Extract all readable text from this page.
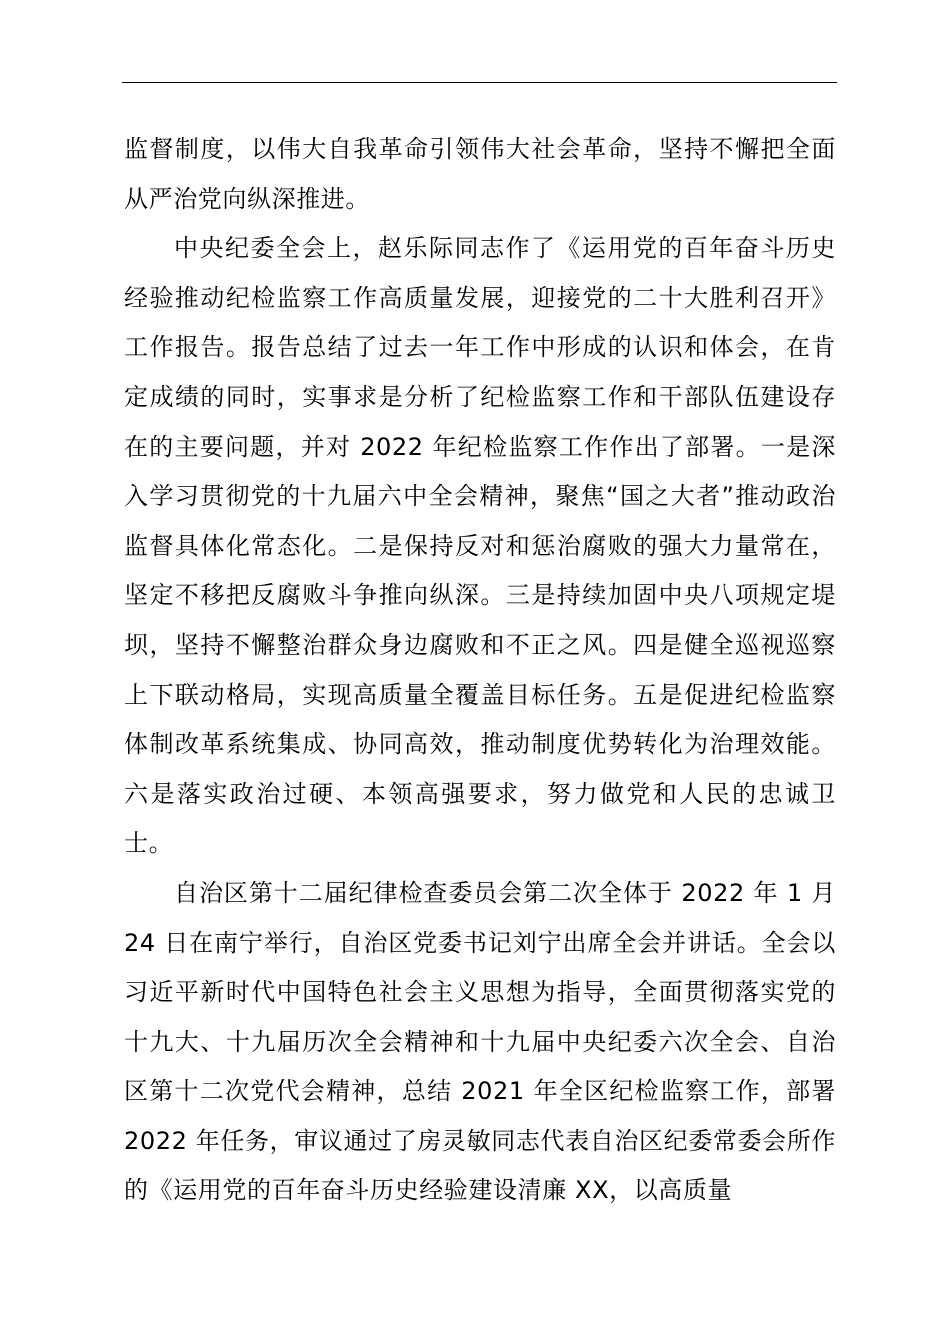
监督制度，以伟大自我革命引领伟大社会革命，坚持不懈把全面从严治党向纵深推进。

中央纪委全会上，赵乐际同志作了《运用党的百年奋斗历史经验推动纪检监察工作高质量发展，迎接党的二十大胜利召开》工作报告。报告总结了过去一年工作中形成的认识和体会，在肯定成绩的同时，实事求是分析了纪检监察工作和干部队伍建设存在的主要问题，并对 2022 年纪检监察工作作出了部署。一是深入学习贯彻党的十九届六中全会精神，聚焦“国之大者”推动政治监督具体化常态化。二是保持反对和惩治腐败的强大力量常在，坚定不移把反腐败斗争推向纵深。三是持续加固中央八项规定堤坝，坚持不懈整治群众身边腐败和不正之风。四是健全巡视巡察上下联动格局，实现高质量全覆盖目标任务。五是促进纪检监察体制改革系统集成、协同高效，推动制度优势转化为治理效能。六是落实政治过硬、本领高强要求，努力做党和人民的忠诚卫士。

自治区第十二届纪律检查委员会第二次全体于 2022 年 1 月 24 日在南宁举行，自治区党委书记刘宁出席全会并讲话。全会以习近平新时代中国特色社会主义思想为指导，全面贯彻落实党的十九大、十九届历次全会精神和十九届中央纪委六次全会、自治区第十二次党代会精神，总结 2021 年全区纪检监察工作，部署 2022 年任务，审议通过了房灵敏同志代表自治区纪委常委会所作的《运用党的百年奋斗历史经验建设清廉 XX，以高质量
